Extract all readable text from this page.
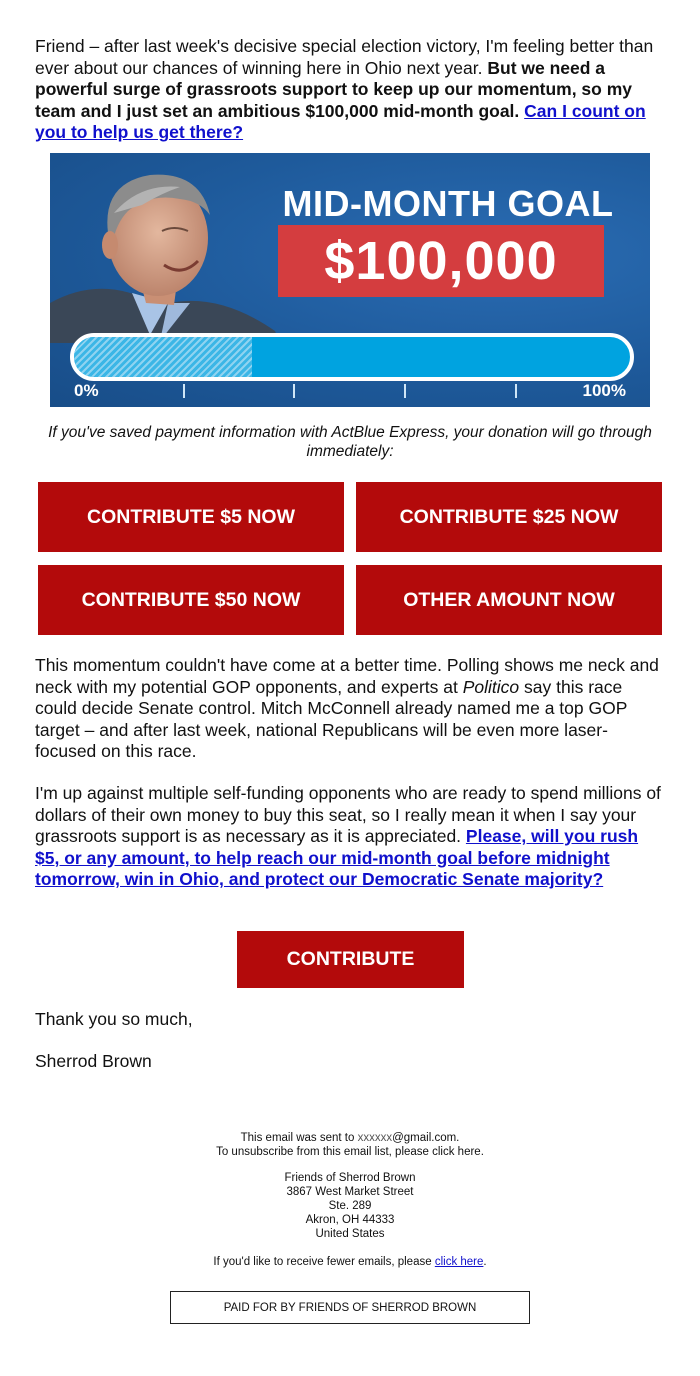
Friend – after last week's decisive special election victory, I'm feeling better than ever about our chances of winning here in Ohio next year. But we need a powerful surge of grassroots support to keep up our momentum, so my team and I just set an ambitious $100,000 mid-month goal. Can I count on you to help us get there?

MID-MONTH GOAL
$100,000
0%	100%
If you've saved payment information with ActBlue Express, your donation will go through immediately:
CONTRIBUTE $5 NOW	CONTRIBUTE $25 NOW
CONTRIBUTE $50 NOW	OTHER AMOUNT NOW

This momentum couldn't have come at a better time. Polling shows me neck and neck with my potential GOP opponents, and experts at Politico say this race could decide Senate control. Mitch McConnell already named me a top GOP target – and after last week, national Republicans will be even more laser-focused on this race.

I'm up against multiple self-funding opponents who are ready to spend millions of dollars of their own money to buy this seat, so I really mean it when I say your grassroots support is as necessary as it is appreciated. Please, will you rush $5, or any amount, to help reach our mid-month goal before midnight tomorrow, win in Ohio, and protect our Democratic Senate majority?

CONTRIBUTE

Thank you so much,

Sherrod Brown

This email was sent to xxxxxx@gmail.com.
To unsubscribe from this email list, please click here.
Friends of Sherrod Brown
3867 West Market Street
Ste. 289
Akron, OH 44333
United States
If you'd like to receive fewer emails, please click here.
PAID FOR BY FRIENDS OF SHERROD BROWN
